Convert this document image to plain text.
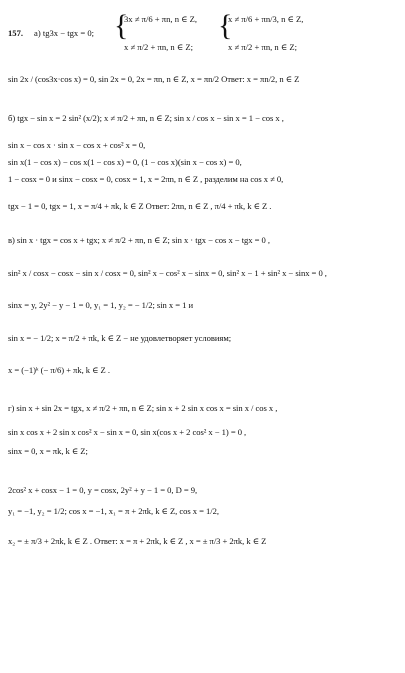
157. а) tg3x − tgx = 0; {
3x ≠ π/6 + πn, n ∈ Z,
x ≠ π/2 + πn, n ∈ Z;
{
x ≠ π/6 + πn/3, n ∈ Z,
x ≠ π/2 + πn, n ∈ Z;
sin 2x / (cos3x·cos x) = 0, sin 2x = 0, 2x = πn, n ∈ Z, x = πn/2 Ответ: x = πn/2, n ∈ Z
б) tgx − sin x = 2 sin² (x/2); x ≠ π/2 + πn, n ∈ Z; sin x / cos x − sin x = 1 − cos x ,
sin x − cos x · sin x − cos x + cos² x = 0,
sin x(1 − cos x) − cos x(1 − cos x) = 0, (1 − cos x)(sin x − cos x) = 0,
1 − cosx = 0 и sinx − cosx = 0, cosx = 1, x = 2πn, n ∈ Z , разделим на cos x ≠ 0,
tgx − 1 = 0, tgx = 1, x = π/4 + πk, k ∈ Z Ответ: 2πn, n ∈ Z , π/4 + πk, k ∈ Z .
в) sin x · tgx = cos x + tgx; x ≠ π/2 + πn, n ∈ Z; sin x · tgx − cos x − tgx = 0 ,
sin² x / cosx − cosx − sin x / cosx = 0, sin² x − cos² x − sinx = 0, sin² x − 1 + sin² x − sinx = 0 ,
sinx = y, 2y² − y − 1 = 0, y₁ = 1, y₂ = − 1/2; sin x = 1 и
sin x = − 1/2; x = π/2 + πk, k ∈ Z − не удовлетворяет условиям;
x = (−1)ᵏ (− π/6) + πk, k ∈ Z .
г) sin x + sin 2x = tgx, x ≠ π/2 + πn, n ∈ Z; sin x + 2 sin x cos x = sin x / cos x ,
sin x cos x + 2 sin x cos² x − sin x = 0, sin x(cos x + 2 cos² x − 1) = 0 ,
sinx = 0, x = πk, k ∈ Z;
2cos² x + cosx − 1 = 0, y = cosx, 2y² + y − 1 = 0, D = 9,
y₁ = −1, y₂ = 1/2; cos x = −1, x₁ = π + 2πk, k ∈ Z, cos x = 1/2,
x₂ = ± π/3 + 2πk, k ∈ Z . Ответ: x = π + 2πk, k ∈ Z , x = ± π/3 + 2πk, k ∈ Z
